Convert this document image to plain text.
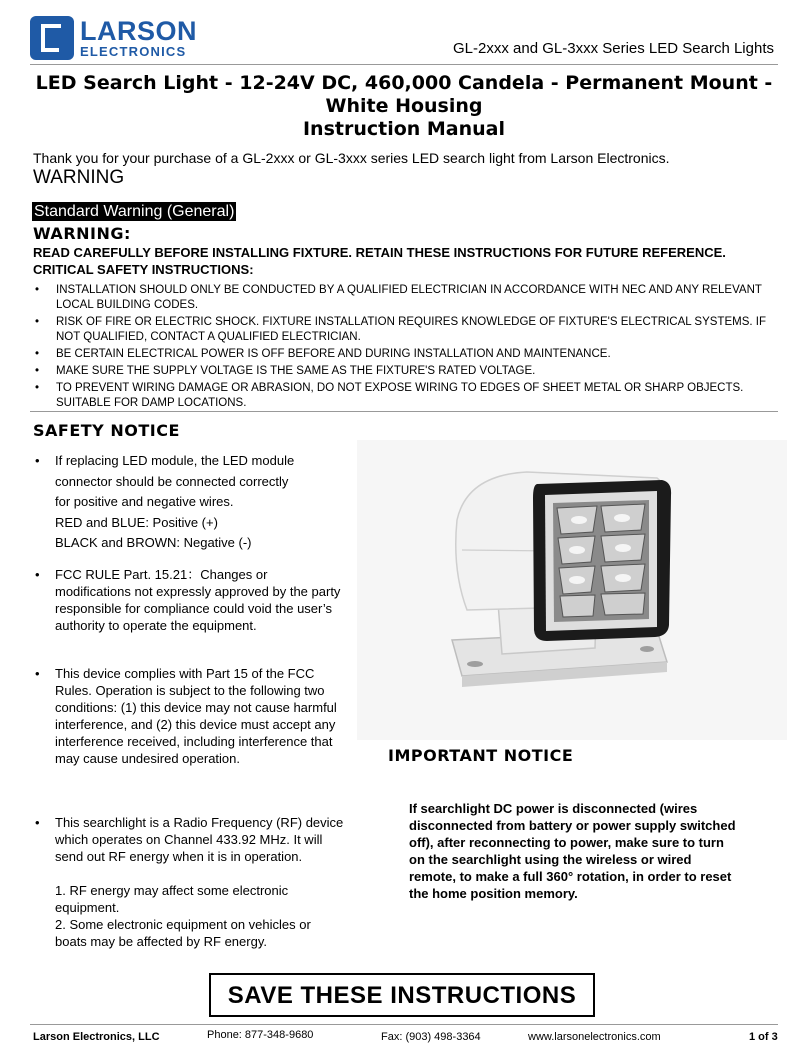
LARSON
ELECTRONICS	GL-2xxx and GL-3xxx Series LED Search Lights
LED Search Light - 12-24V DC, 460,000 Candela - Permanent Mount -
White Housing
Instruction Manual
Thank you for your purchase of a GL-2xxx or GL-3xxx series LED search light from Larson Electronics.
WARNING
Standard Warning (General)
WARNING:
READ CAREFULLY BEFORE INSTALLING FIXTURE. RETAIN THESE INSTRUCTIONS FOR FUTURE REFERENCE.
CRITICAL SAFETY INSTRUCTIONS:
• INSTALLATION SHOULD ONLY BE CONDUCTED BY A QUALIFIED ELECTRICIAN IN ACCORDANCE WITH NEC AND ANY RELEVANT LOCAL BUILDING CODES.
• RISK OF FIRE OR ELECTRIC SHOCK. FIXTURE INSTALLATION REQUIRES KNOWLEDGE OF FIXTURE'S ELECTRICAL SYSTEMS. IF NOT QUALIFIED, CONTACT A QUALIFIED ELECTRICIAN.
• BE CERTAIN ELECTRICAL POWER IS OFF BEFORE AND DURING INSTALLATION AND MAINTENANCE.
• MAKE SURE THE SUPPLY VOLTAGE IS THE SAME AS THE FIXTURE'S RATED VOLTAGE.
• TO PREVENT WIRING DAMAGE OR ABRASION, DO NOT EXPOSE WIRING TO EDGES OF SHEET METAL OR SHARP OBJECTS. SUITABLE FOR DAMP LOCATIONS.
SAFETY NOTICE
• If replacing LED module, the LED module
connector should be connected correctly
for positive and negative wires.
RED and BLUE: Positive (+)
BLACK and BROWN: Negative (-)
• FCC RULE Part. 15.21：Changes or modifications not expressly approved by the party responsible for compliance could void the user’s authority to operate the equipment.
• This device complies with Part 15 of the FCC Rules. Operation is subject to the following two conditions: (1) this device may not cause harmful interference, and (2) this device must accept any interference received, including interference that may cause undesired operation.
• This searchlight is a Radio Frequency (RF) device which operates on Channel 433.92 MHz. It will send out RF energy when it is in operation.
1. RF energy may affect some electronic equipment.
2. Some electronic equipment on vehicles or boats may be affected by RF energy.
IMPORTANT NOTICE
If searchlight DC power is disconnected (wires disconnected from battery or power supply switched off), after reconnecting to power, make sure to turn on the searchlight using the wireless or wired remote, to make a full 360° rotation, in order to reset the home position memory.
SAVE THESE INSTRUCTIONS
Larson Electronics, LLC	Phone: 877-348-9680	Fax: (903) 498-3364	www.larsonelectronics.com	1 of 3
